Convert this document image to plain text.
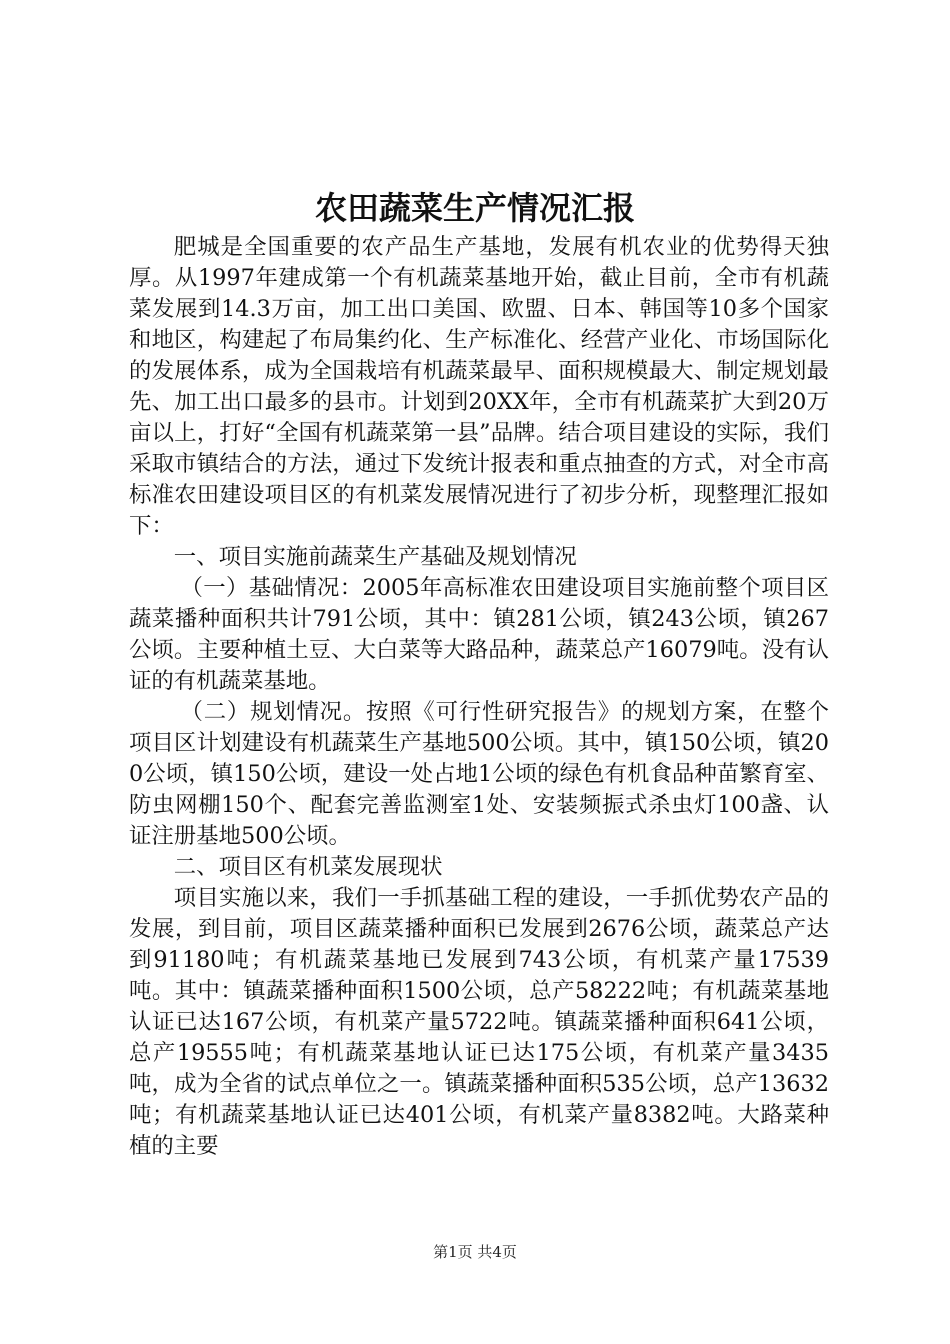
农田蔬菜生产情况汇报

肥城是全国重要的农产品生产基地，发展有机农业的优势得天独厚。从1997年建成第一个有机蔬菜基地开始，截止目前，全市有机蔬菜发展到14.3万亩，加工出口美国、欧盟、日本、韩国等10多个国家和地区，构建起了布局集约化、生产标准化、经营产业化、市场国际化的发展体系，成为全国栽培有机蔬菜最早、面积规模最大、制定规划最先、加工出口最多的县市。计划到20XX年，全市有机蔬菜扩大到20万亩以上，打好“全国有机蔬菜第一县”品牌。结合项目建设的实际，我们采取市镇结合的方法，通过下发统计报表和重点抽查的方式，对全市高标准农田建设项目区的有机菜发展情况进行了初步分析，现整理汇报如下：

一、项目实施前蔬菜生产基础及规划情况

（一）基础情况：2005年高标准农田建设项目实施前整个项目区蔬菜播种面积共计791公顷，其中：镇281公顷，镇243公顷，镇267公顷。主要种植土豆、大白菜等大路品种，蔬菜总产16079吨。没有认证的有机蔬菜基地。

（二）规划情况。按照《可行性研究报告》的规划方案，在整个项目区计划建设有机蔬菜生产基地500公顷。其中，镇150公顷，镇200公顷，镇150公顷，建设一处占地1公顷的绿色有机食品种苗繁育室、防虫网棚150个、配套完善监测室1处、安装频振式杀虫灯100盏、认证注册基地500公顷。

二、项目区有机菜发展现状

项目实施以来，我们一手抓基础工程的建设，一手抓优势农产品的发展，到目前，项目区蔬菜播种面积已发展到2676公顷，蔬菜总产达到91180吨；有机蔬菜基地已发展到743公顷，有机菜产量17539吨。其中：镇蔬菜播种面积1500公顷，总产58222吨；有机蔬菜基地认证已达167公顷，有机菜产量5722吨。镇蔬菜播种面积641公顷，总产19555吨；有机蔬菜基地认证已达175公顷，有机菜产量3435吨，成为全省的试点单位之一。镇蔬菜播种面积535公顷，总产13632吨；有机蔬菜基地认证已达401公顷，有机菜产量8382吨。大路菜种植的主要

第1页 共4页
